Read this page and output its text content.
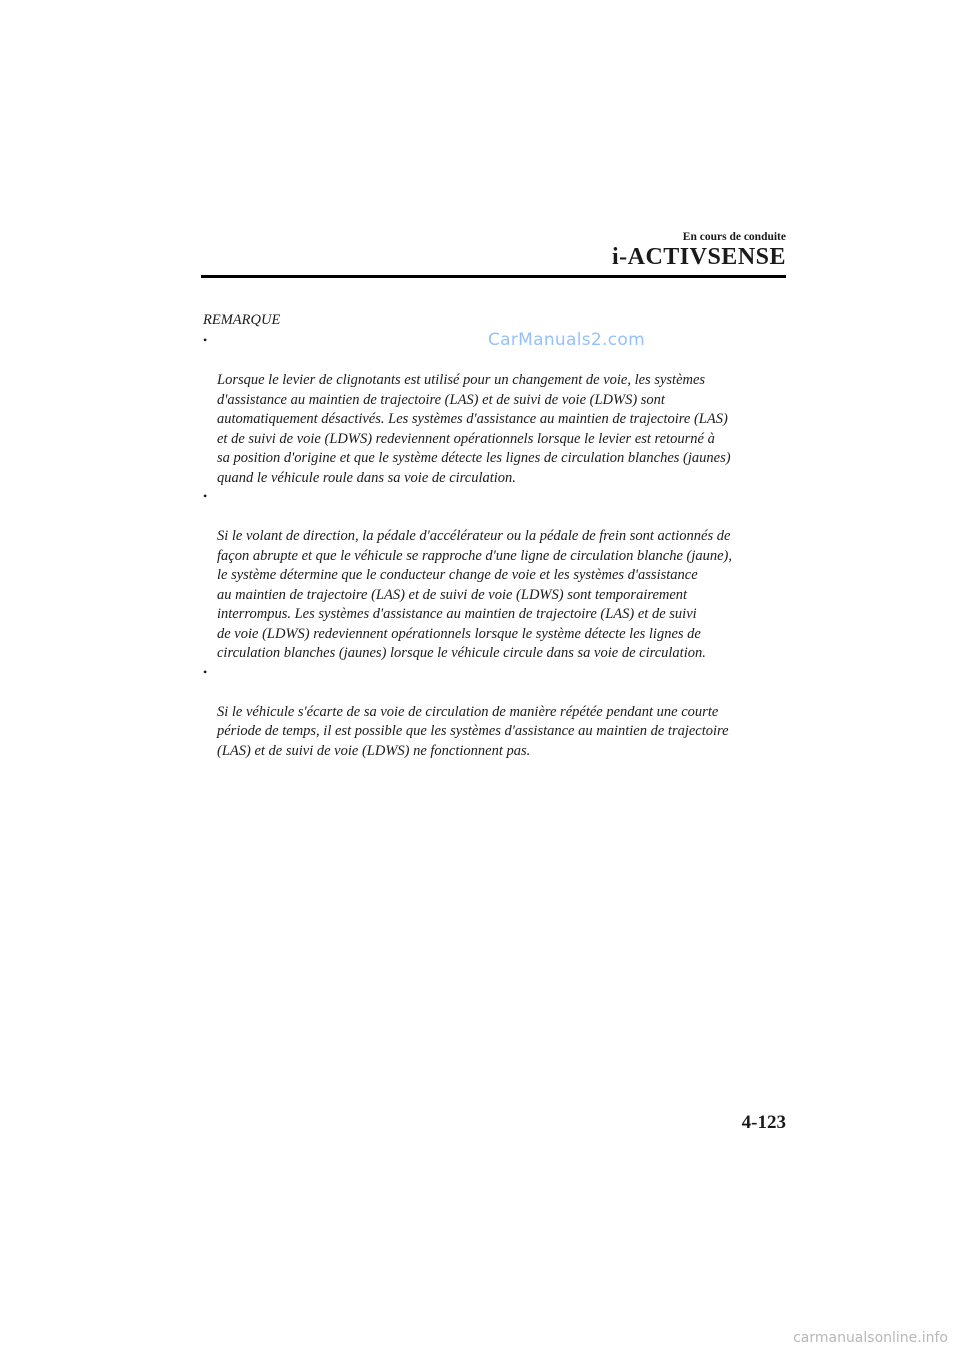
En cours de conduite
i-ACTIVSENSE
REMARQUE

•

Lorsque le levier de clignotants est utilisé pour un changement de voie, les systèmes
d'assistance au maintien de trajectoire (LAS) et de suivi de voie (LDWS) sont
automatiquement désactivés. Les systèmes d'assistance au maintien de trajectoire (LAS)
et de suivi de voie (LDWS) redeviennent opérationnels lorsque le levier est retourné à
sa position d'origine et que le système détecte les lignes de circulation blanches (jaunes)
quand le véhicule roule dans sa voie de circulation.

•

Si le volant de direction, la pédale d'accélérateur ou la pédale de frein sont actionnés de
façon abrupte et que le véhicule se rapproche d'une ligne de circulation blanche (jaune),
le système détermine que le conducteur change de voie et les systèmes d'assistance
au maintien de trajectoire (LAS) et de suivi de voie (LDWS) sont temporairement
interrompus. Les systèmes d'assistance au maintien de trajectoire (LAS) et de suivi
de voie (LDWS) redeviennent opérationnels lorsque le système détecte les lignes de
circulation blanches (jaunes) lorsque le véhicule circule dans sa voie de circulation.

•

Si le véhicule s'écarte de sa voie de circulation de manière répétée pendant une courte
période de temps, il est possible que les systèmes d'assistance au maintien de trajectoire
(LAS) et de suivi de voie (LDWS) ne fonctionnent pas.

CarManuals2.com
4-123
carmanualsonline.info
